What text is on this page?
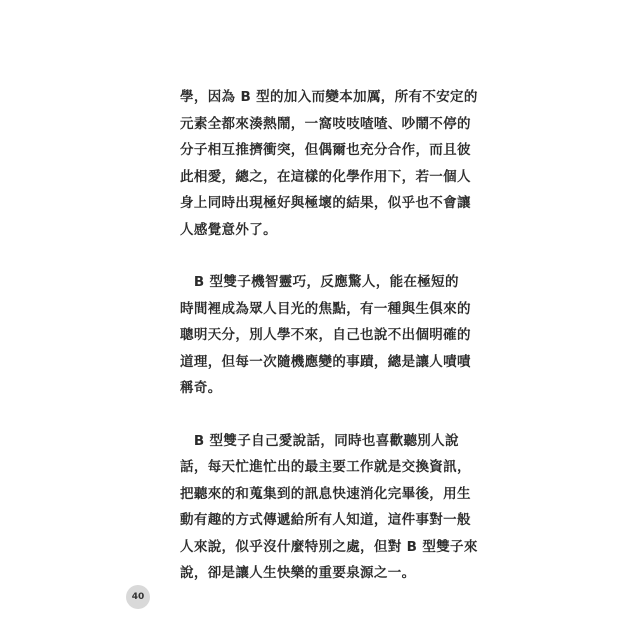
學，因為 B 型的加入而變本加厲，所有不安定的
元素全都來湊熱鬧，一窩吱吱喳喳、吵鬧不停的
分子相互推擠衝突，但偶爾也充分合作，而且彼
此相愛，總之，在這樣的化學作用下，若一個人
身上同時出現極好與極壞的結果，似乎也不會讓
人感覺意外了。
　B 型雙子機智靈巧，反應驚人，能在極短的
時間裡成為眾人目光的焦點，有一種與生俱來的
聰明天分，別人學不來，自己也說不出個明確的
道理，但每一次隨機應變的事蹟，總是讓人嘖嘖
稱奇。
　B 型雙子自己愛說話，同時也喜歡聽別人說
話，每天忙進忙出的最主要工作就是交換資訊，
把聽來的和蒐集到的訊息快速消化完畢後，用生
動有趣的方式傳遞給所有人知道，這件事對一般
人來說，似乎沒什麼特別之處，但對 B 型雙子來
說，卻是讓人生快樂的重要泉源之一。
40
